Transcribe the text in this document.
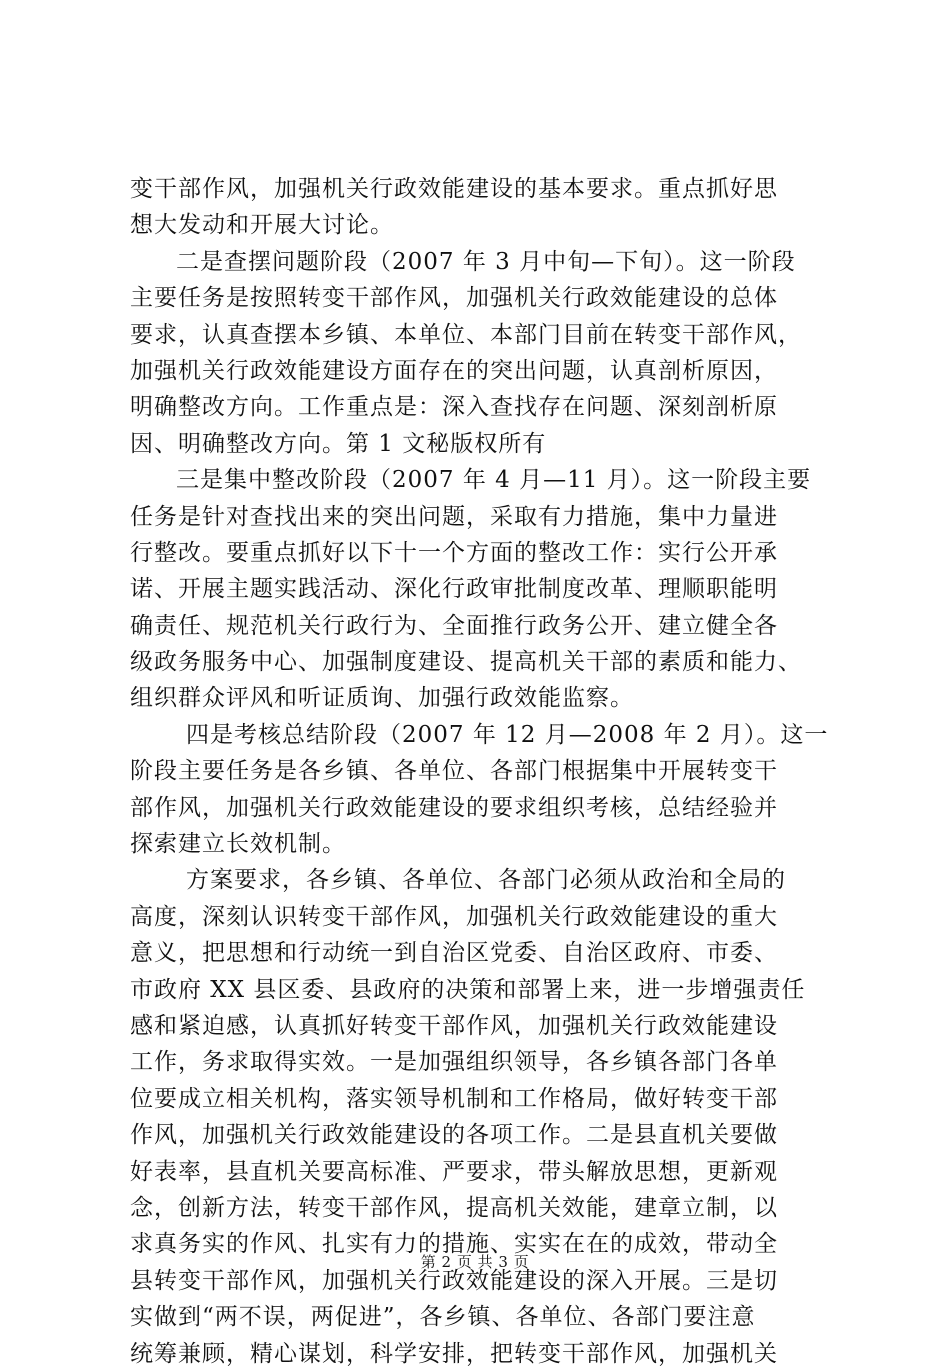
变干部作风，加强机关行政效能建设的基本要求。重点抓好思
想大发动和开展大讨论。
二是查摆问题阶段（2007 年 3 月中旬—下旬）。这一阶段
主要任务是按照转变干部作风，加强机关行政效能建设的总体
要求，认真查摆本乡镇、本单位、本部门目前在转变干部作风，
加强机关行政效能建设方面存在的突出问题，认真剖析原因，
明确整改方向。工作重点是：深入查找存在问题、深刻剖析原
因、明确整改方向。第 1 文秘版权所有
三是集中整改阶段（2007 年 4 月—11 月）。这一阶段主要
任务是针对查找出来的突出问题，采取有力措施，集中力量进
行整改。要重点抓好以下十一个方面的整改工作：实行公开承
诺、开展主题实践活动、深化行政审批制度改革、理顺职能明
确责任、规范机关行政行为、全面推行政务公开、建立健全各
级政务服务中心、加强制度建设、提高机关干部的素质和能力、
组织群众评风和听证质询、加强行政效能监察。
四是考核总结阶段（2007 年 12 月—2008 年 2 月）。这一
阶段主要任务是各乡镇、各单位、各部门根据集中开展转变干
部作风，加强机关行政效能建设的要求组织考核，总结经验并
探索建立长效机制。
方案要求，各乡镇、各单位、各部门必须从政治和全局的
高度，深刻认识转变干部作风，加强机关行政效能建设的重大
意义，把思想和行动统一到自治区党委、自治区政府、市委、
市政府 XX 县区委、县政府的决策和部署上来，进一步增强责任
感和紧迫感，认真抓好转变干部作风，加强机关行政效能建设
工作，务求取得实效。一是加强组织领导，各乡镇各部门各单
位要成立相关机构，落实领导机制和工作格局，做好转变干部
作风，加强机关行政效能建设的各项工作。二是县直机关要做
好表率，县直机关要高标准、严要求，带头解放思想，更新观
念，创新方法，转变干部作风，提高机关效能，建章立制，以
求真务实的作风、扎实有力的措施、实实在在的成效，带动全
县转变干部作风，加强机关行政效能建设的深入开展。三是切
实做到“两不误，两促进”，各乡镇、各单位、各部门要注意
统筹兼顾，精心谋划，科学安排，把转变干部作风，加强机关
第 2 页 共 3 页
